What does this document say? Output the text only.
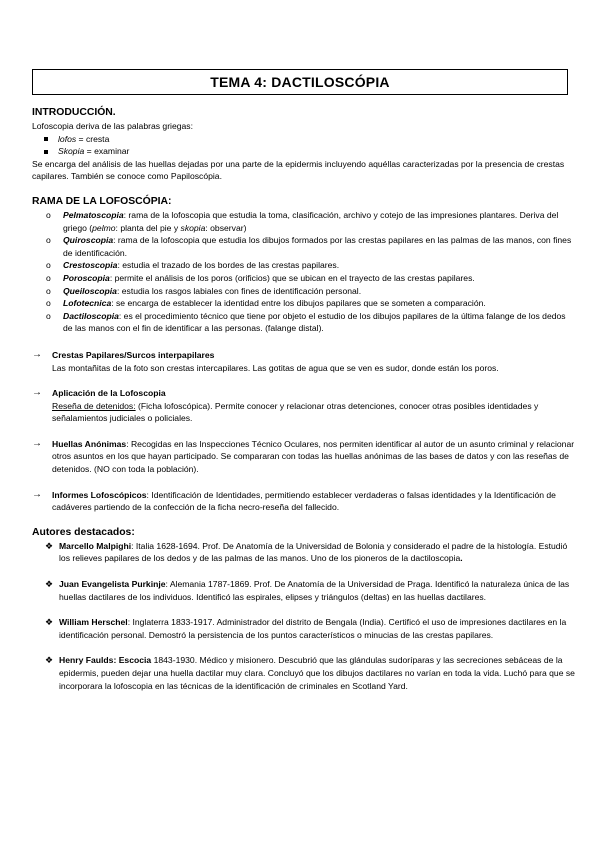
TEMA 4: DACTILOSCÓPIA
INTRODUCCIÓN.

Lofoscopia deriva de las palabras griegas:

lofos = cresta
Skopia = examinar

Se encarga del análisis de las huellas dejadas por una parte de la epidermis incluyendo aquéllas caracterizadas por la presencia de crestas capilares. También se conoce como Papiloscópia.

RAMA DE LA LOFOSCÓPIA:
o Pelmatoscopia: rama de la lofoscopia que estudia la toma, clasificación, archivo y cotejo de las impresiones plantares. Deriva del griego (pelmo: planta del pie y skopia: observar)
o Quiroscopia: rama de la lofoscopia que estudia los dibujos formados por las crestas papilares en las palmas de las manos, con fines de identificación.
o Crestoscopia: estudia el trazado de los bordes de las crestas papilares.
o Poroscopia: permite el análisis de los poros (orificios) que se ubican en el trayecto de las crestas papilares.
o Queiloscopia: estudia los rasgos labiales con fines de identificación personal.
o Lofotecnica: se encarga de establecer la identidad entre los dibujos papilares que se someten a comparación.
o Dactiloscopia: es el procedimiento técnico que tiene por objeto el estudio de los dibujos papilares de la última falange de los dedos de las manos con el fin de identificar a las personas. (falange distal).
→ Crestas Papilares/Surcos interpapilares

Las montañitas de la foto son crestas intercapilares. Las gotitas de agua que se ven es sudor, donde están los poros.

→ Aplicación de la Lofoscopia

Reseña de detenidos: (Ficha lofoscópica). Permite conocer y relacionar otras detenciones, conocer otras posibles identidades y señalamientos judiciales o policiales.

→ Huellas Anónimas: Recogidas en las Inspecciones Técnico Oculares, nos permiten identificar al autor de un asunto criminal y relacionar otros asuntos en los que hayan participado. Se compararan con todas las huellas anónimas de las bases de datos y con las reseñas de detenidos. (NO con toda la población).

→ Informes Lofoscópicos: Identificación de Identidades, permitiendo establecer verdaderas o falsas identidades y la Identificación de cadáveres partiendo de la confección de la ficha necro-reseña del fallecido.

Autores destacados:
❖ Marcello Malpighi: Italia 1628-1694. Prof. De Anatomía de la Universidad de Bolonia y considerado el padre de la histología. Estudió los relieves papilares de los dedos y de las palmas de las manos. Uno de los pioneros de la dactiloscopia.

❖ Juan Evangelista Purkinje: Alemania 1787-1869. Prof. De Anatomía de la Universidad de Praga. Identificó la naturaleza única de las huellas dactilares de los individuos. Identificó las espirales, elipses y triángulos (deltas) en las huellas dactilares.

❖ William Herschel: Inglaterra 1833-1917. Administrador del distrito de Bengala (India). Certificó el uso de impresiones dactilares en la identificación personal. Demostró la persistencia de los puntos característicos o minucias de las crestas papilares.

❖ Henry Faulds: Escocia 1843-1930. Médico y misionero. Descubrió que las glándulas sudoríparas y las secreciones sebáceas de la epidermis, pueden dejar una huella dactilar muy clara. Concluyó que los dibujos dactilares no varían en toda la vida. Luchó para que se incorporara la lofoscopia en las técnicas de la identificación de criminales en Scotland Yard.
